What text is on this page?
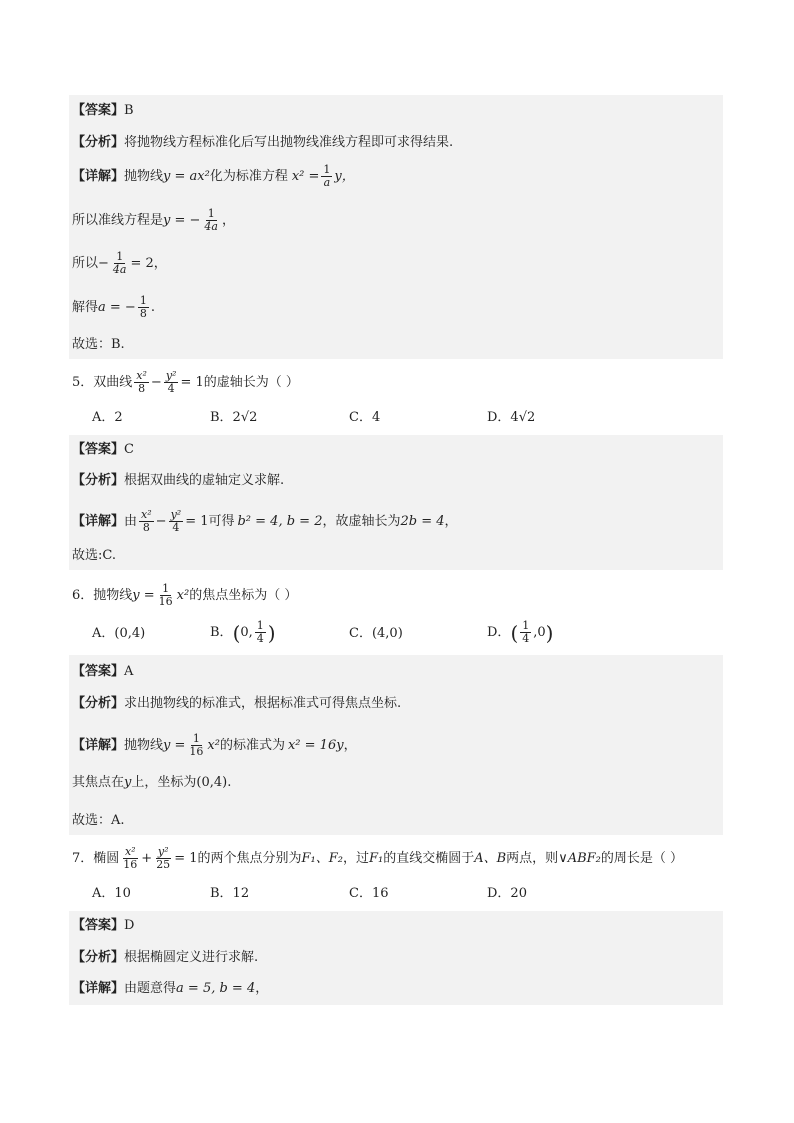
【答案】 B
【分析】 将抛物线方程标准化后写出抛物线准线方程即可求得结果.
【详解】 抛物线 y = ax² 化为标准方程 $x^2 = \frac{1}{a}$ y，
所以准线方程是 y = − $\frac{1}{4a}$ ，
所以 − $\frac{1}{4a} = 2$，
解得 a = − $\frac{1}{8}$ .
故选：B.
5．双曲线 $\frac{\text{x²}}{8} - \frac{\text{y²}}{4} = 1$的虚轴长为（ ）
A．2	B．2√2	C．4	D．4√2
【答案】 C
【分析】 根据双曲线的虚轴定义求解.
【详解】 由 $\frac{\text{x²}}{8} - \frac{\text{y²}}{4} = 1$可得 b² = 4, b = 2 ，故虚轴长为 2b = 4 ，
故选:C.
6．抛物线 $y = \frac{1}{16} x^2$ 的焦点坐标为（ ）
A．(0,4)	B． ( 0, $\frac{1}{4}$ )	C．(4,0)	D． ( $\frac{1}{4} ,0$ )
【答案】 A
【分析】 求出抛物线的标准式，根据标准式可得焦点坐标.
【详解】 抛物线 $y = \frac{1}{16} x^2$ 的标准式为 x² = 16y ，
其焦点在 y 上，坐标为 (0,4) .
故选：A.
7．椭圆 $\frac{\text{x²}}{16} + \frac{\text{y²}}{25} = 1$的两个焦点分别为 F₁、F₂ ，过 F₁ 的直线交椭圆于 A、B 两点，则 ∨ABF₂ 的周长是（ ）
A．10	B．12	C．16	D．20
【答案】 D
【分析】 根据椭圆定义进行求解.
【详解】 由题意得 a = 5, b = 4 ，
